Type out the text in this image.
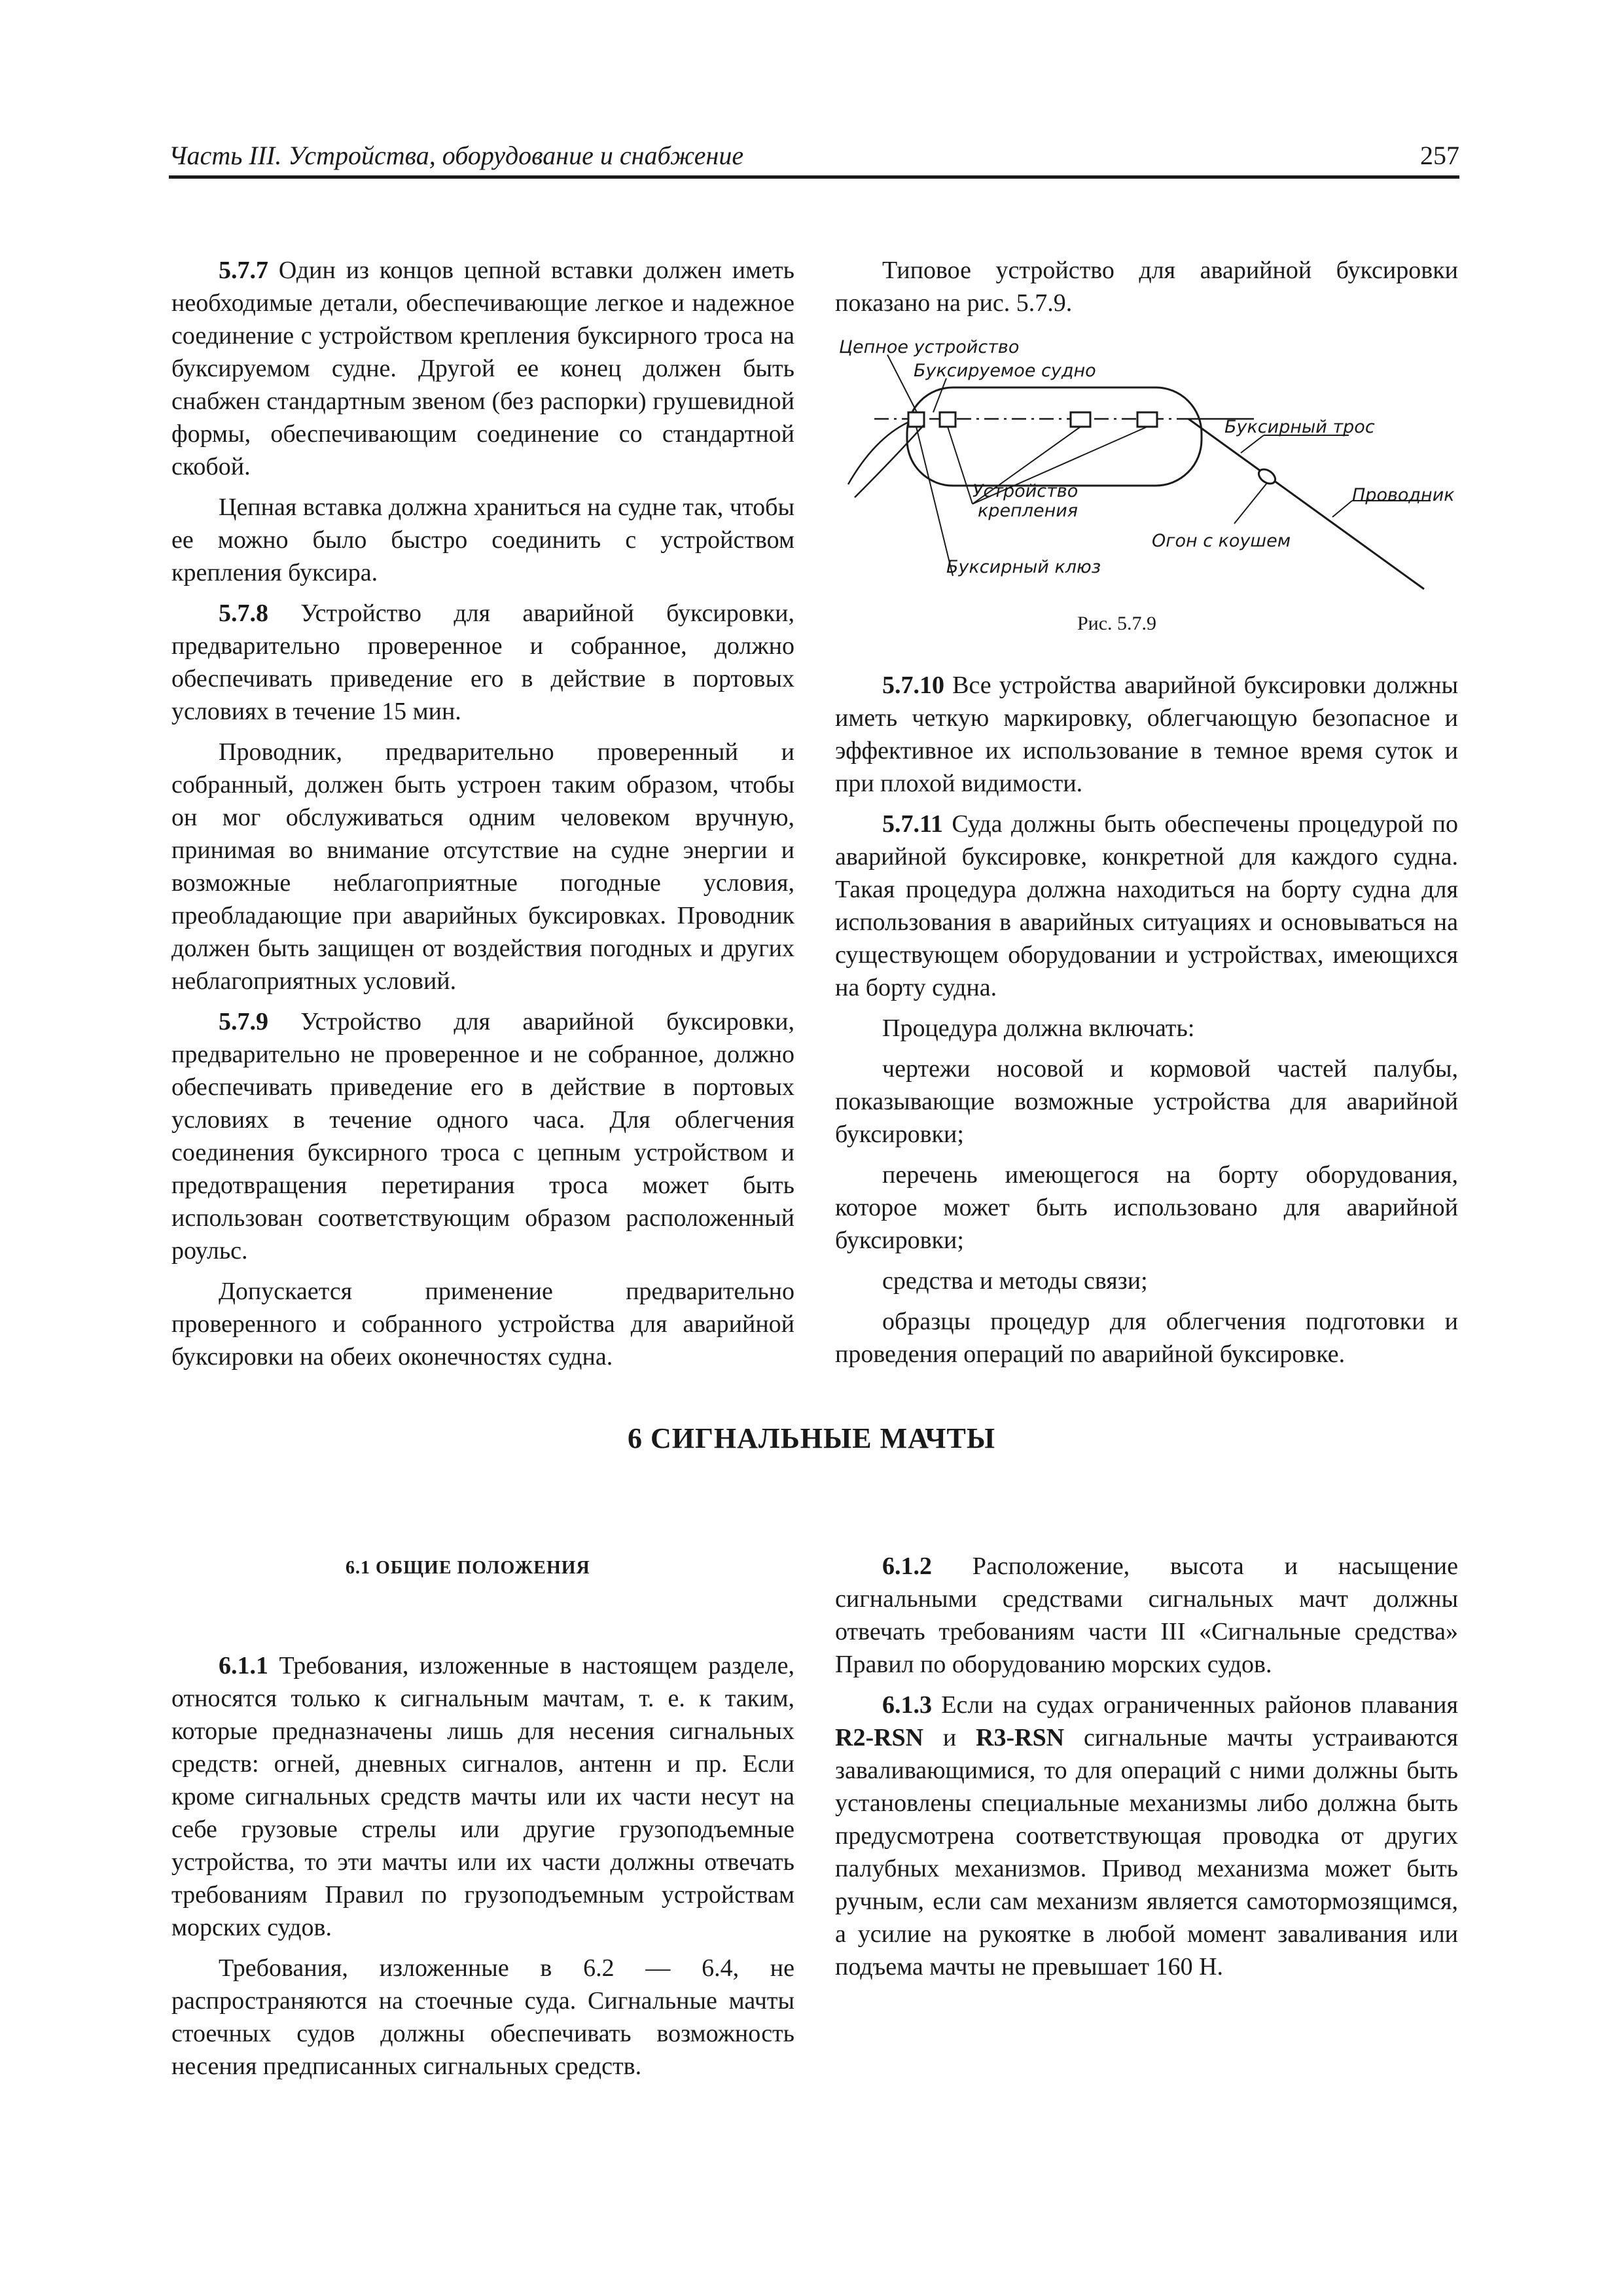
Часть III. Устройства, оборудование и снабжение	257

5.7.7 Один из концов цепной вставки должен иметь необходимые детали, обеспечивающие легкое и надежное соединение с устройством крепления буксирного троса на буксируемом судне. Другой ее конец должен быть снабжен стандартным звеном (без распорки) грушевидной формы, обеспечивающим соединение со стандартной скобой.

Цепная вставка должна храниться на судне так, чтобы ее можно было быстро соединить с устройством крепления буксира.

5.7.8 Устройство для аварийной буксировки, предварительно проверенное и собранное, должно обеспечивать приведение его в действие в портовых условиях в течение 15 мин.

Проводник, предварительно проверенный и собранный, должен быть устроен таким образом, чтобы он мог обслуживаться одним человеком вручную, принимая во внимание отсутствие на судне энергии и возможные неблагоприятные погодные условия, преобладающие при аварийных буксировках. Проводник должен быть защищен от воздействия погодных и других неблагоприятных условий.

5.7.9 Устройство для аварийной буксировки, предварительно не проверенное и не собранное, должно обеспечивать приведение его в действие в портовых условиях в течение одного часа. Для облегчения соединения буксирного троса с цепным устройством и предотвращения перетирания троса может быть использован соответствующим образом расположенный роульс.

Допускается применение предварительно проверенного и собранного устройства для аварийной буксировки на обеих оконечностях судна.

Типовое устройство для аварийной буксировки показано на рис. 5.7.9.

Цепное устройство
Буксируемое судно
Буксирный трос
Проводник
Устройство
крепления
Огон с коушем
Буксирный клюз
Рис. 5.7.9

5.7.10 Все устройства аварийной буксировки должны иметь четкую маркировку, облегчающую безопасное и эффективное их использование в темное время суток и при плохой видимости.

5.7.11 Суда должны быть обеспечены процедурой по аварийной буксировке, конкретной для каждого судна. Такая процедура должна находиться на борту судна для использования в аварийных ситуациях и основываться на существующем оборудовании и устройствах, имеющихся на борту судна.

Процедура должна включать:

чертежи носовой и кормовой частей палубы, показывающие возможные устройства для аварийной буксировки;

перечень имеющегося на борту оборудования, которое может быть использовано для аварийной буксировки;

средства и методы связи;

образцы процедур для облегчения подготовки и проведения операций по аварийной буксировке.

6 СИГНАЛЬНЫЕ МАЧТЫ
6.1 ОБЩИЕ ПОЛОЖЕНИЯ

6.1.1 Требования, изложенные в настоящем разделе, относятся только к сигнальным мачтам, т. е. к таким, которые предназначены лишь для несения сигнальных средств: огней, дневных сигналов, антенн и пр. Если кроме сигнальных средств мачты или их части несут на себе грузовые стрелы или другие грузоподъемные устройства, то эти мачты или их части должны отвечать требованиям Правил по грузоподъемным устройствам морских судов.

Требования, изложенные в 6.2 — 6.4, не распространяются на стоечные суда. Сигнальные мачты стоечных судов должны обеспечивать возможность несения предписанных сигнальных средств.

6.1.2 Расположение, высота и насыщение сигнальными средствами сигнальных мачт должны отвечать требованиям части III «Сигнальные средства» Правил по оборудованию морских судов.

6.1.3 Если на судах ограниченных районов плавания R2-RSN и R3-RSN сигнальные мачты устраиваются заваливающимися, то для операций с ними должны быть установлены специальные механизмы либо должна быть предусмотрена соответствующая проводка от других палубных механизмов. Привод механизма может быть ручным, если сам механизм является самотормозящимся, а усилие на рукоятке в любой момент заваливания или подъема мачты не превышает 160 Н.
